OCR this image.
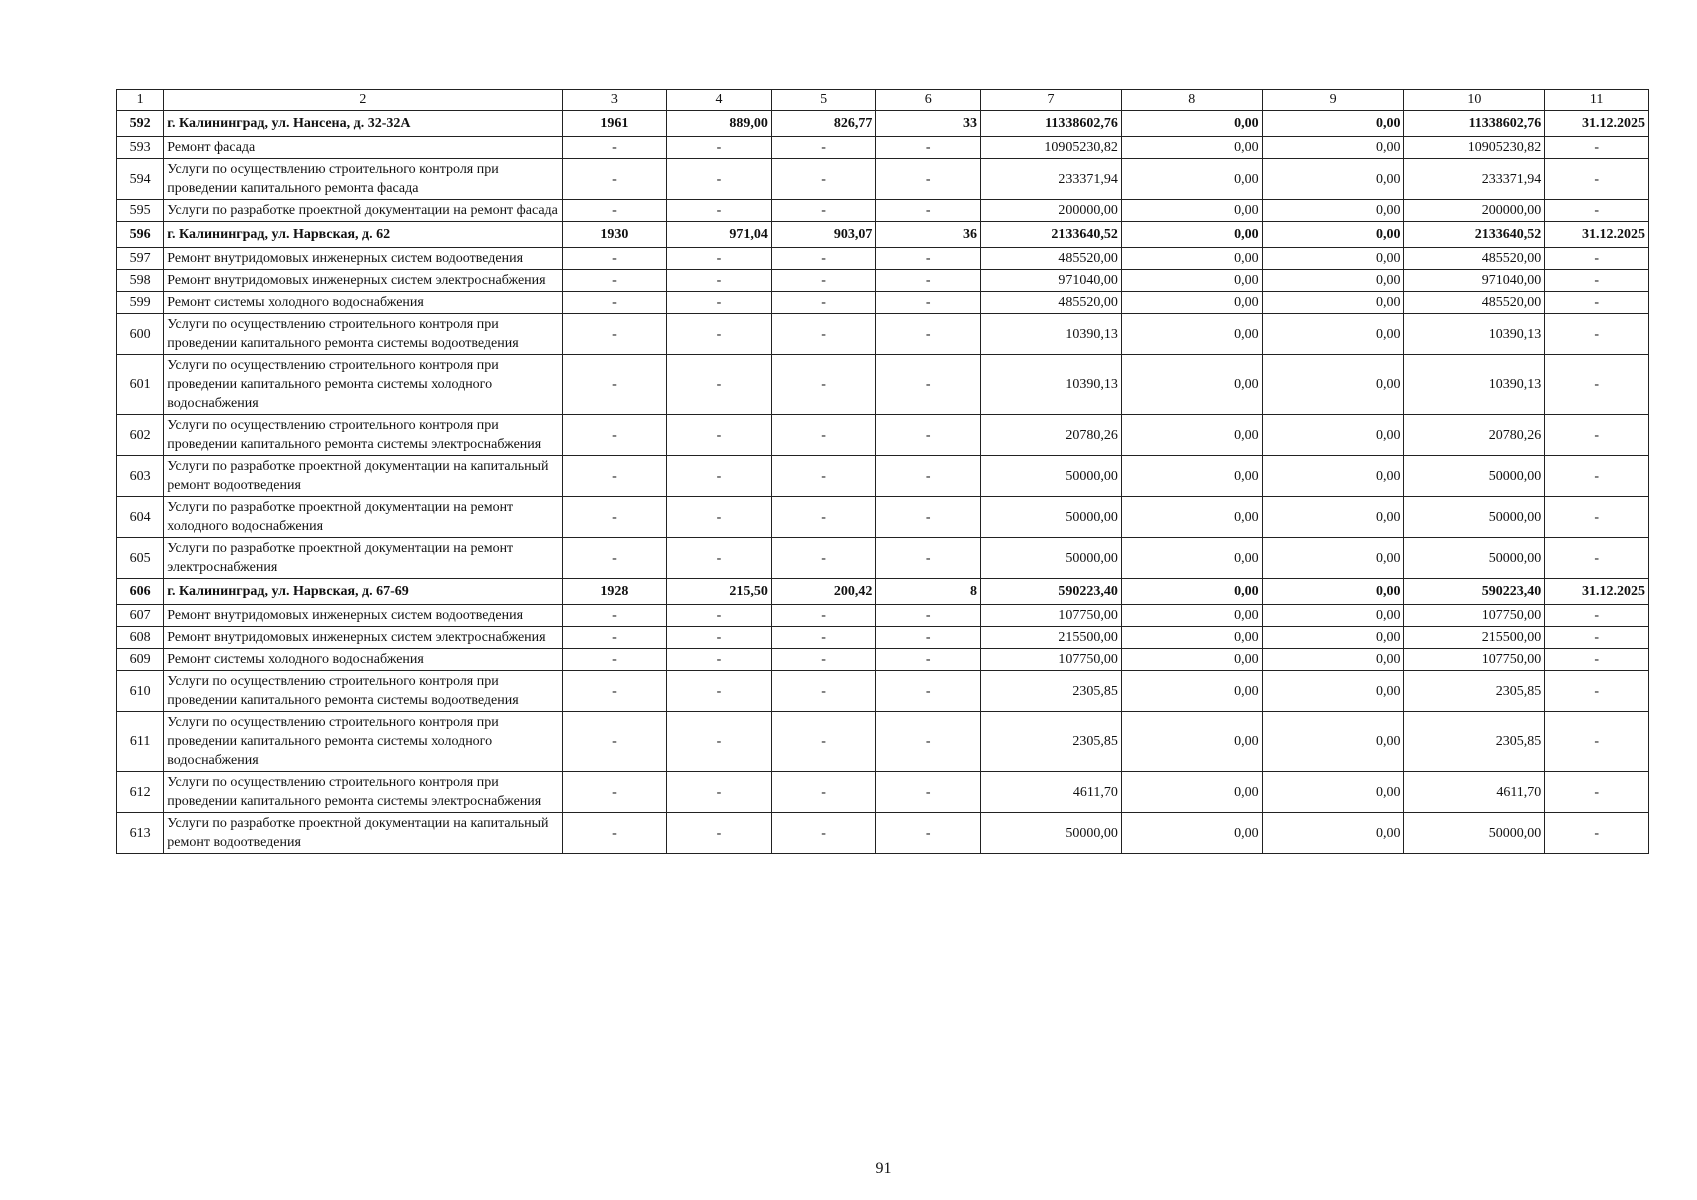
1	2	3	4	5	6	7	8	9	10	11
592	г. Калининград, ул. Нансена, д. 32-32А	1961	889,00	826,77	33	11338602,76	0,00	0,00	11338602,76	31.12.2025
593	Ремонт фасада	-	-	-	-	10905230,82	0,00	0,00	10905230,82	-
594	Услуги по осуществлению строительного контроля при проведении капитального ремонта фасада	-	-	-	-	233371,94	0,00	0,00	233371,94	-
595	Услуги по разработке проектной документации на ремонт фасада	-	-	-	-	200000,00	0,00	0,00	200000,00	-
596	г. Калининград, ул. Нарвская, д. 62	1930	971,04	903,07	36	2133640,52	0,00	0,00	2133640,52	31.12.2025
597	Ремонт внутридомовых инженерных систем водоотведения	-	-	-	-	485520,00	0,00	0,00	485520,00	-
598	Ремонт внутридомовых инженерных систем электроснабжения	-	-	-	-	971040,00	0,00	0,00	971040,00	-
599	Ремонт системы холодного водоснабжения	-	-	-	-	485520,00	0,00	0,00	485520,00	-
600	Услуги по осуществлению строительного контроля при проведении капитального ремонта системы водоотведения	-	-	-	-	10390,13	0,00	0,00	10390,13	-
601	Услуги по осуществлению строительного контроля при проведении капитального ремонта системы холодного водоснабжения	-	-	-	-	10390,13	0,00	0,00	10390,13	-
602	Услуги по осуществлению строительного контроля при проведении капитального ремонта системы электроснабжения	-	-	-	-	20780,26	0,00	0,00	20780,26	-
603	Услуги по разработке проектной документации на капитальный ремонт водоотведения	-	-	-	-	50000,00	0,00	0,00	50000,00	-
604	Услуги по разработке проектной документации на ремонт холодного водоснабжения	-	-	-	-	50000,00	0,00	0,00	50000,00	-
605	Услуги по разработке проектной документации на ремонт электроснабжения	-	-	-	-	50000,00	0,00	0,00	50000,00	-
606	г. Калининград, ул. Нарвская, д. 67-69	1928	215,50	200,42	8	590223,40	0,00	0,00	590223,40	31.12.2025
607	Ремонт внутридомовых инженерных систем водоотведения	-	-	-	-	107750,00	0,00	0,00	107750,00	-
608	Ремонт внутридомовых инженерных систем электроснабжения	-	-	-	-	215500,00	0,00	0,00	215500,00	-
609	Ремонт системы холодного водоснабжения	-	-	-	-	107750,00	0,00	0,00	107750,00	-
610	Услуги по осуществлению строительного контроля при проведении капитального ремонта системы водоотведения	-	-	-	-	2305,85	0,00	0,00	2305,85	-
611	Услуги по осуществлению строительного контроля при проведении капитального ремонта системы холодного водоснабжения	-	-	-	-	2305,85	0,00	0,00	2305,85	-
612	Услуги по осуществлению строительного контроля при проведении капитального ремонта системы электроснабжения	-	-	-	-	4611,70	0,00	0,00	4611,70	-
613	Услуги по разработке проектной документации на капитальный ремонт водоотведения	-	-	-	-	50000,00	0,00	0,00	50000,00	-
91
